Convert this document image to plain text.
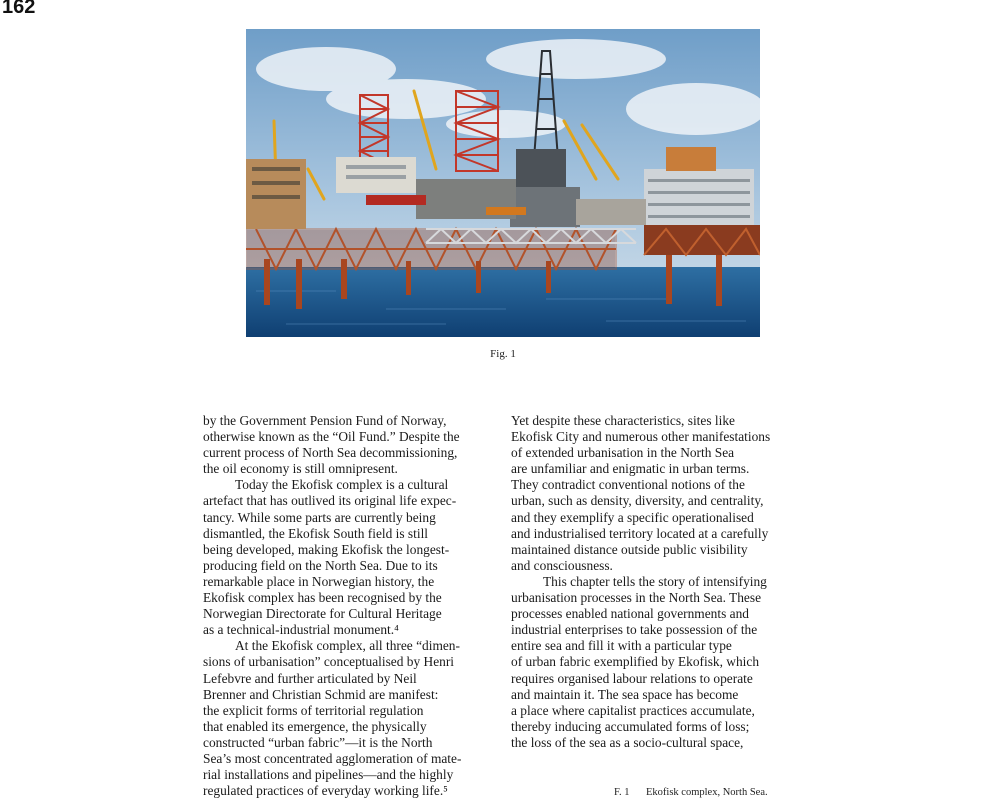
162
Fig. 1
by the Government Pension Fund of Norway,
otherwise known as the “Oil Fund.” Despite the
current process of North Sea decommissioning,
the oil economy is still omnipresent.
Today the Ekofisk complex is a cultural
artefact that has outlived its original life expec-
tancy. While some parts are currently being
dismantled, the Ekofisk South field is still
being developed, making Ekofisk the longest-
producing field on the North Sea. Due to its
remarkable place in Norwegian history, the
Ekofisk complex has been recognised by the
Norwegian Directorate for Cultural Heritage
as a technical-industrial monument.⁴
At the Ekofisk complex, all three “dimen-
sions of urbanisation” conceptualised by Henri
Lefebvre and further articulated by Neil
Brenner and Christian Schmid are manifest:
the explicit forms of territorial regulation
that enabled its emergence, the physically
constructed “urban fabric”—it is the North
Sea’s most concentrated agglomeration of mate-
rial installations and pipelines—and the highly
regulated practices of everyday working life.⁵
Yet despite these characteristics, sites like
Ekofisk City and numerous other manifestations
of extended urbanisation in the North Sea
are unfamiliar and enigmatic in urban terms.
They contradict conventional notions of the
urban, such as density, diversity, and centrality,
and they exemplify a specific operationalised
and industrialised territory located at a carefully
maintained distance outside public visibility
and consciousness.
This chapter tells the story of intensifying
urbanisation processes in the North Sea. These
processes enabled national governments and
industrial enterprises to take possession of the
entire sea and fill it with a particular type
of urban fabric exemplified by Ekofisk, which
requires organised labour relations to operate
and maintain it. The sea space has become
a place where capitalist practices accumulate,
thereby inducing accumulated forms of loss;
the loss of the sea as a socio-cultural space,
F. 1 Ekofisk complex, North Sea.
